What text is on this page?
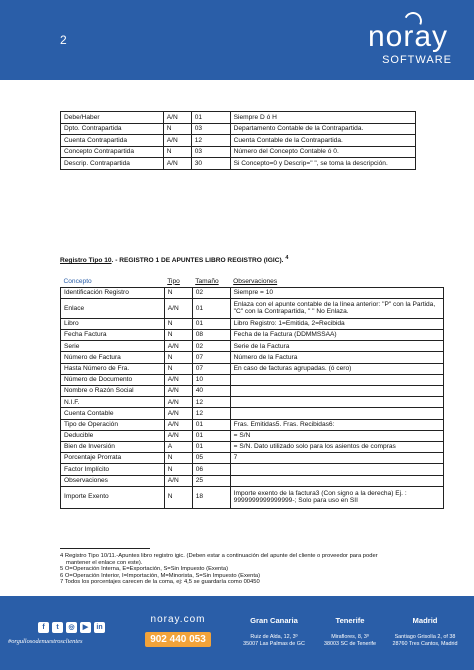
2	noray
SOFTWARE
Debe/Haber	A/N	01	Siempre D ó H
Dpto. Contrapartida	N	03	Departamento Contable de la Contrapartida.
Cuenta Contrapartida	A/N	12	Cuenta Contable de la Contrapartida.
Concepto Contrapartida	N	03	Número del Concepto Contable ó 0.
Descrip. Contrapartida	A/N	30	Si Concepto=0 y Descrip=" ", se toma la descripción.
Registro Tipo 10. - REGISTRO 1 DE APUNTES LIBRO REGISTRO (IGIC). $^4$
Concepto	Tipo	Tamaño	Observaciones
Identificación Registro	N	02	Siempre = 10
Enlace	A/N	01	Enlaza con el apunte contable de la línea anterior: "P" con la Partida, "C" con la Contrapartida, " " No Enlaza.
Libro	N	01	Libro Registro: 1=Emitida, 2=Recibida
Fecha Factura	N	08	Fecha de la Factura (DDMMSSAA)
Serie	A/N	02	Serie de la Factura
Número de Factura	N	07	Número de la Factura
Hasta Número de Fra.	N	07	En caso de facturas agrupadas. (ó cero)
Número de Documento	A/N	10	
Nombre o Razón Social	A/N	40	
N.I.F.	A/N	12	
Cuenta Contable	A/N	12	
Tipo de Operación	A/N	01	Fras. Emitidas5. Fras. Recibidas6:
Deducible	A/N	01	= S/N
Bien de Inversión	A	01	= S/N. Dato utilizado solo para los asientos de compras
Porcentaje Prorrata	N	05	7
Factor Implícito	N	06	
Observaciones	A/N	25	
Importe Exento	N	18	Importe exento de la factura3 (Con signo a la derecha) Ej. : 9999999999999999-; Solo para uso en SII
4 Registro Tipo 10/11.-Apuntes libro registro igic. (Deben estar a continuación del apunte del cliente o proveedor para poder
mantener el enlace con este).
5 O=Operación Interna, E=Exportación, S=Sin Impuesto (Exenta)
6 O=Operación Interior, I=Importación, M=Minorista, S=Sin Impuesto (Exenta)
7 Todos los porcentajes carecen de la coma, ej: 4,5 se guardaría como 00450
f	t	◎	▶	in
#orgullosodenuestrosclientes
noray.com
902 440 053
Gran Canaria
Ruiz de Alda, 12, 3º
35007 Las Palmas de GC
Tenerife
Miraflores, 8, 3º
38003 SC de Tenerife
Madrid
Santiago Grisolía 2, of 38
28760 Tres Cantos, Madrid
